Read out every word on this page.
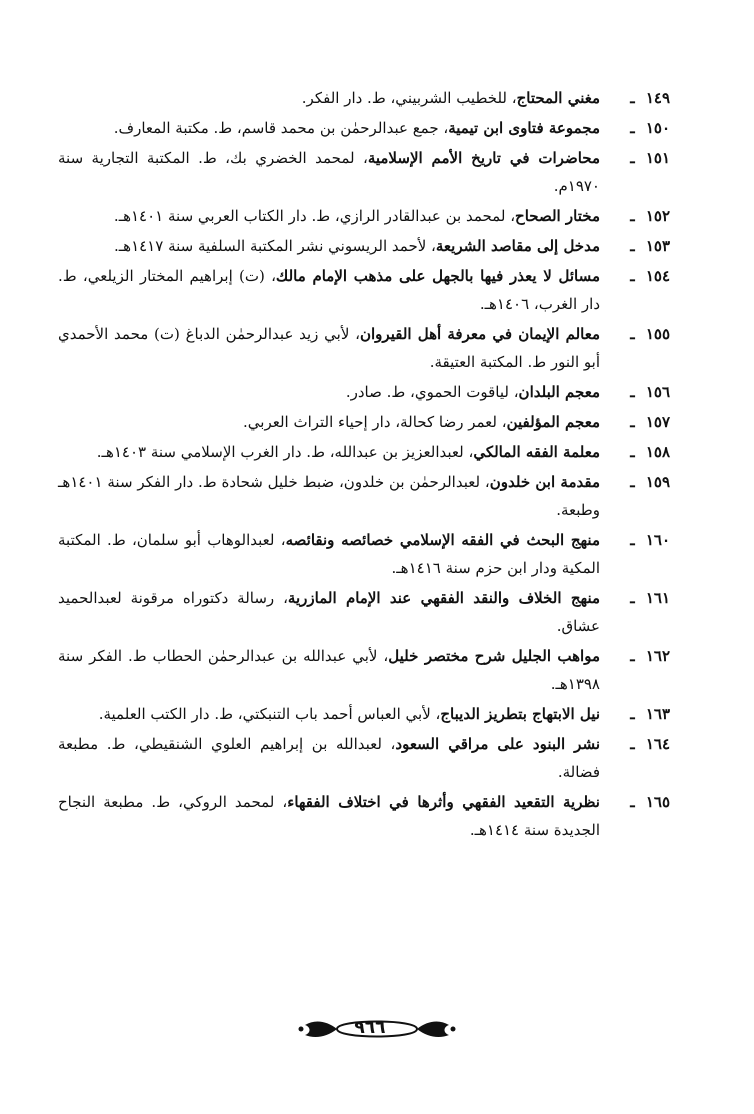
١٤٩ ـ
مغني المحتاج، للخطيب الشربيني، ط. دار الفكر.
١٥٠ ـ
مجموعة فتاوى ابن تيمية، جمع عبدالرحمٰن بن محمد قاسم، ط. مكتبة المعارف.
١٥١ ـ
محاضرات في تاريخ الأمم الإسلامية، لمحمد الخضري بك، ط. المكتبة التجارية سنة ١٩٧٠م.
١٥٢ ـ
مختار الصحاح، لمحمد بن عبدالقادر الرازي، ط. دار الكتاب العربي سنة ١٤٠١هـ.
١٥٣ ـ
مدخل إلى مقاصد الشريعة، لأحمد الريسوني نشر المكتبة السلفية سنة ١٤١٧هـ.
١٥٤ ـ
مسائل لا يعذر فيها بالجهل على مذهب الإمام مالك، (ت) إبراهيم المختار الزيلعي، ط. دار الغرب، ١٤٠٦هـ.
١٥٥ ـ
معالم الإيمان في معرفة أهل القيروان، لأبي زيد عبدالرحمٰن الدباغ (ت) محمد الأحمدي أبو النور ط. المكتبة العتيقة.
١٥٦ ـ
معجم البلدان، لياقوت الحموي، ط. صادر.
١٥٧ ـ
معجم المؤلفين، لعمر رضا كحالة، دار إحياء التراث العربي.
١٥٨ ـ
معلمة الفقه المالكي، لعبدالعزيز بن عبدالله، ط. دار الغرب الإسلامي سنة ١٤٠٣هـ.
١٥٩ ـ
مقدمة ابن خلدون، لعبدالرحمٰن بن خلدون، ضبط خليل شحادة ط. دار الفكر سنة ١٤٠١هـ وطبعة.
١٦٠ ـ
منهج البحث في الفقه الإسلامي خصائصه ونقائصه، لعبدالوهاب أبو سلمان، ط. المكتبة المكية ودار ابن حزم سنة ١٤١٦هـ.
١٦١ ـ
منهج الخلاف والنقد الفقهي عند الإمام المازرية، رسالة دكتوراه مرقونة لعبدالحميد عشاق.
١٦٢ ـ
مواهب الجليل شرح مختصر خليل، لأبي عبدالله بن عبدالرحمٰن الحطاب ط. الفكر سنة ١٣٩٨هـ.
١٦٣ ـ
نيل الابتهاج بتطريز الديباج، لأبي العباس أحمد باب التنبكتي، ط. دار الكتب العلمية.
١٦٤ ـ
نشر البنود على مراقي السعود، لعبدالله بن إبراهيم العلوي الشنقيطي، ط. مطبعة فضالة.
١٦٥ ـ
نظرية التقعيد الفقهي وأثرها في اختلاف الفقهاء، لمحمد الروكي، ط. مطبعة النجاح الجديدة سنة ١٤١٤هـ.
٩٦٦
